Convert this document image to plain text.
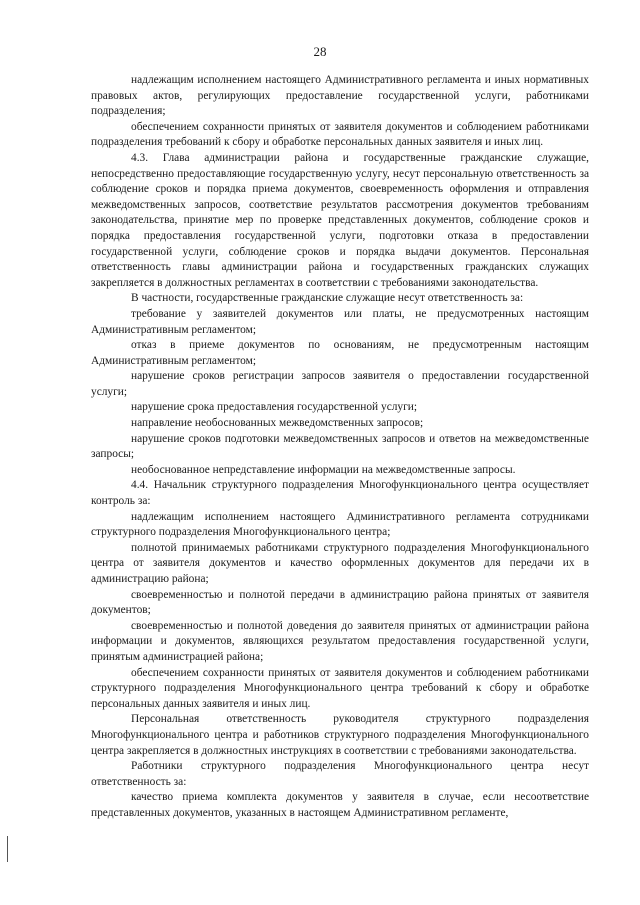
28

надлежащим исполнением настоящего Административного регламента и иных нормативных правовых актов, регулирующих предоставление государственной услуги, работниками подразделения;

обеспечением сохранности принятых от заявителя документов и соблюдением работниками подразделения требований к сбору и обработке персональных данных заявителя и иных лиц.

4.3. Глава администрации района и государственные гражданские служащие, непосредственно предоставляющие государственную услугу, несут персональную ответственность за соблюдение сроков и порядка приема документов, своевременность оформления и отправления межведомственных запросов, соответствие результатов рассмотрения документов требованиям законодательства, принятие мер по проверке представленных документов, соблюдение сроков и порядка предоставления государственной услуги, подготовки отказа в предоставлении государственной услуги, соблюдение сроков и порядка выдачи документов. Персональная ответственность главы администрации района и государственных гражданских служащих закрепляется в должностных регламентах в соответствии с требованиями законодательства.

В частности, государственные гражданские служащие несут ответственность за:

требование у заявителей документов или платы, не предусмотренных настоящим Административным регламентом;

отказ в приеме документов по основаниям, не предусмотренным настоящим Административным регламентом;

нарушение сроков регистрации запросов заявителя о предоставлении государственной услуги;

нарушение срока предоставления государственной услуги;

направление необоснованных межведомственных запросов;

нарушение сроков подготовки межведомственных запросов и ответов на межведомственные запросы;

необоснованное непредставление информации на межведомственные запросы.

4.4. Начальник структурного подразделения Многофункционального центра осуществляет контроль за:

надлежащим исполнением настоящего Административного регламента сотрудниками структурного подразделения Многофункционального центра;

полнотой принимаемых работниками структурного подразделения Многофункционального центра от заявителя документов и качество оформленных документов для передачи их в администрацию района;

своевременностью и полнотой передачи в администрацию района принятых от заявителя документов;

своевременностью и полнотой доведения до заявителя принятых от администрации района информации и документов, являющихся результатом предоставления государственной услуги, принятым администрацией района;

обеспечением сохранности принятых от заявителя документов и соблюдением работниками структурного подразделения Многофункционального центра требований к сбору и обработке персональных данных заявителя и иных лиц.

Персональная ответственность руководителя структурного подразделения Многофункционального центра и работников структурного подразделения Многофункционального центра закрепляется в должностных инструкциях в соответствии с требованиями законодательства.

Работники структурного подразделения Многофункционального центра несут ответственность за:

качество приема комплекта документов у заявителя в случае, если несоответствие представленных документов, указанных в настоящем Административном регламенте,
